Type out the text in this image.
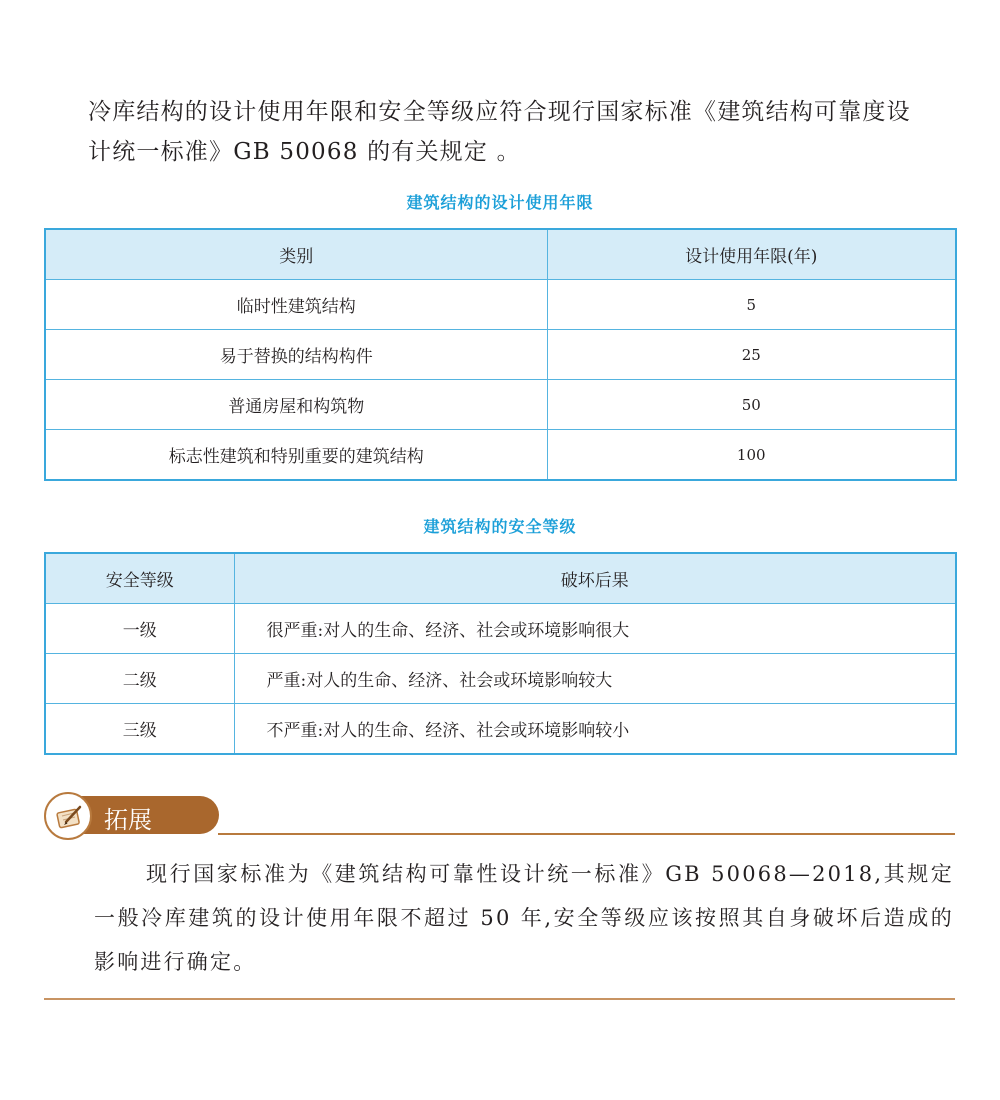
冷库结构的设计使用年限和安全等级应符合现行国家标准《建筑结构可靠度设计统一标准》GB 50068 的有关规定 。

建筑结构的设计使用年限
类别	设计使用年限(年)
临时性建筑结构	5
易于替换的结构构件	25
普通房屋和构筑物	50
标志性建筑和特别重要的建筑结构	100
建筑结构的安全等级
安全等级	破坏后果
一级	很严重:对人的生命、经济、社会或环境影响很大
二级	严重:对人的生命、经济、社会或环境影响较大
三级	不严重:对人的生命、经济、社会或环境影响较小
拓展

现行国家标准为《建筑结构可靠性设计统一标准》GB 50068—2018,其规定一般冷库建筑的设计使用年限不超过 50 年,安全等级应该按照其自身破坏后造成的影响进行确定。
